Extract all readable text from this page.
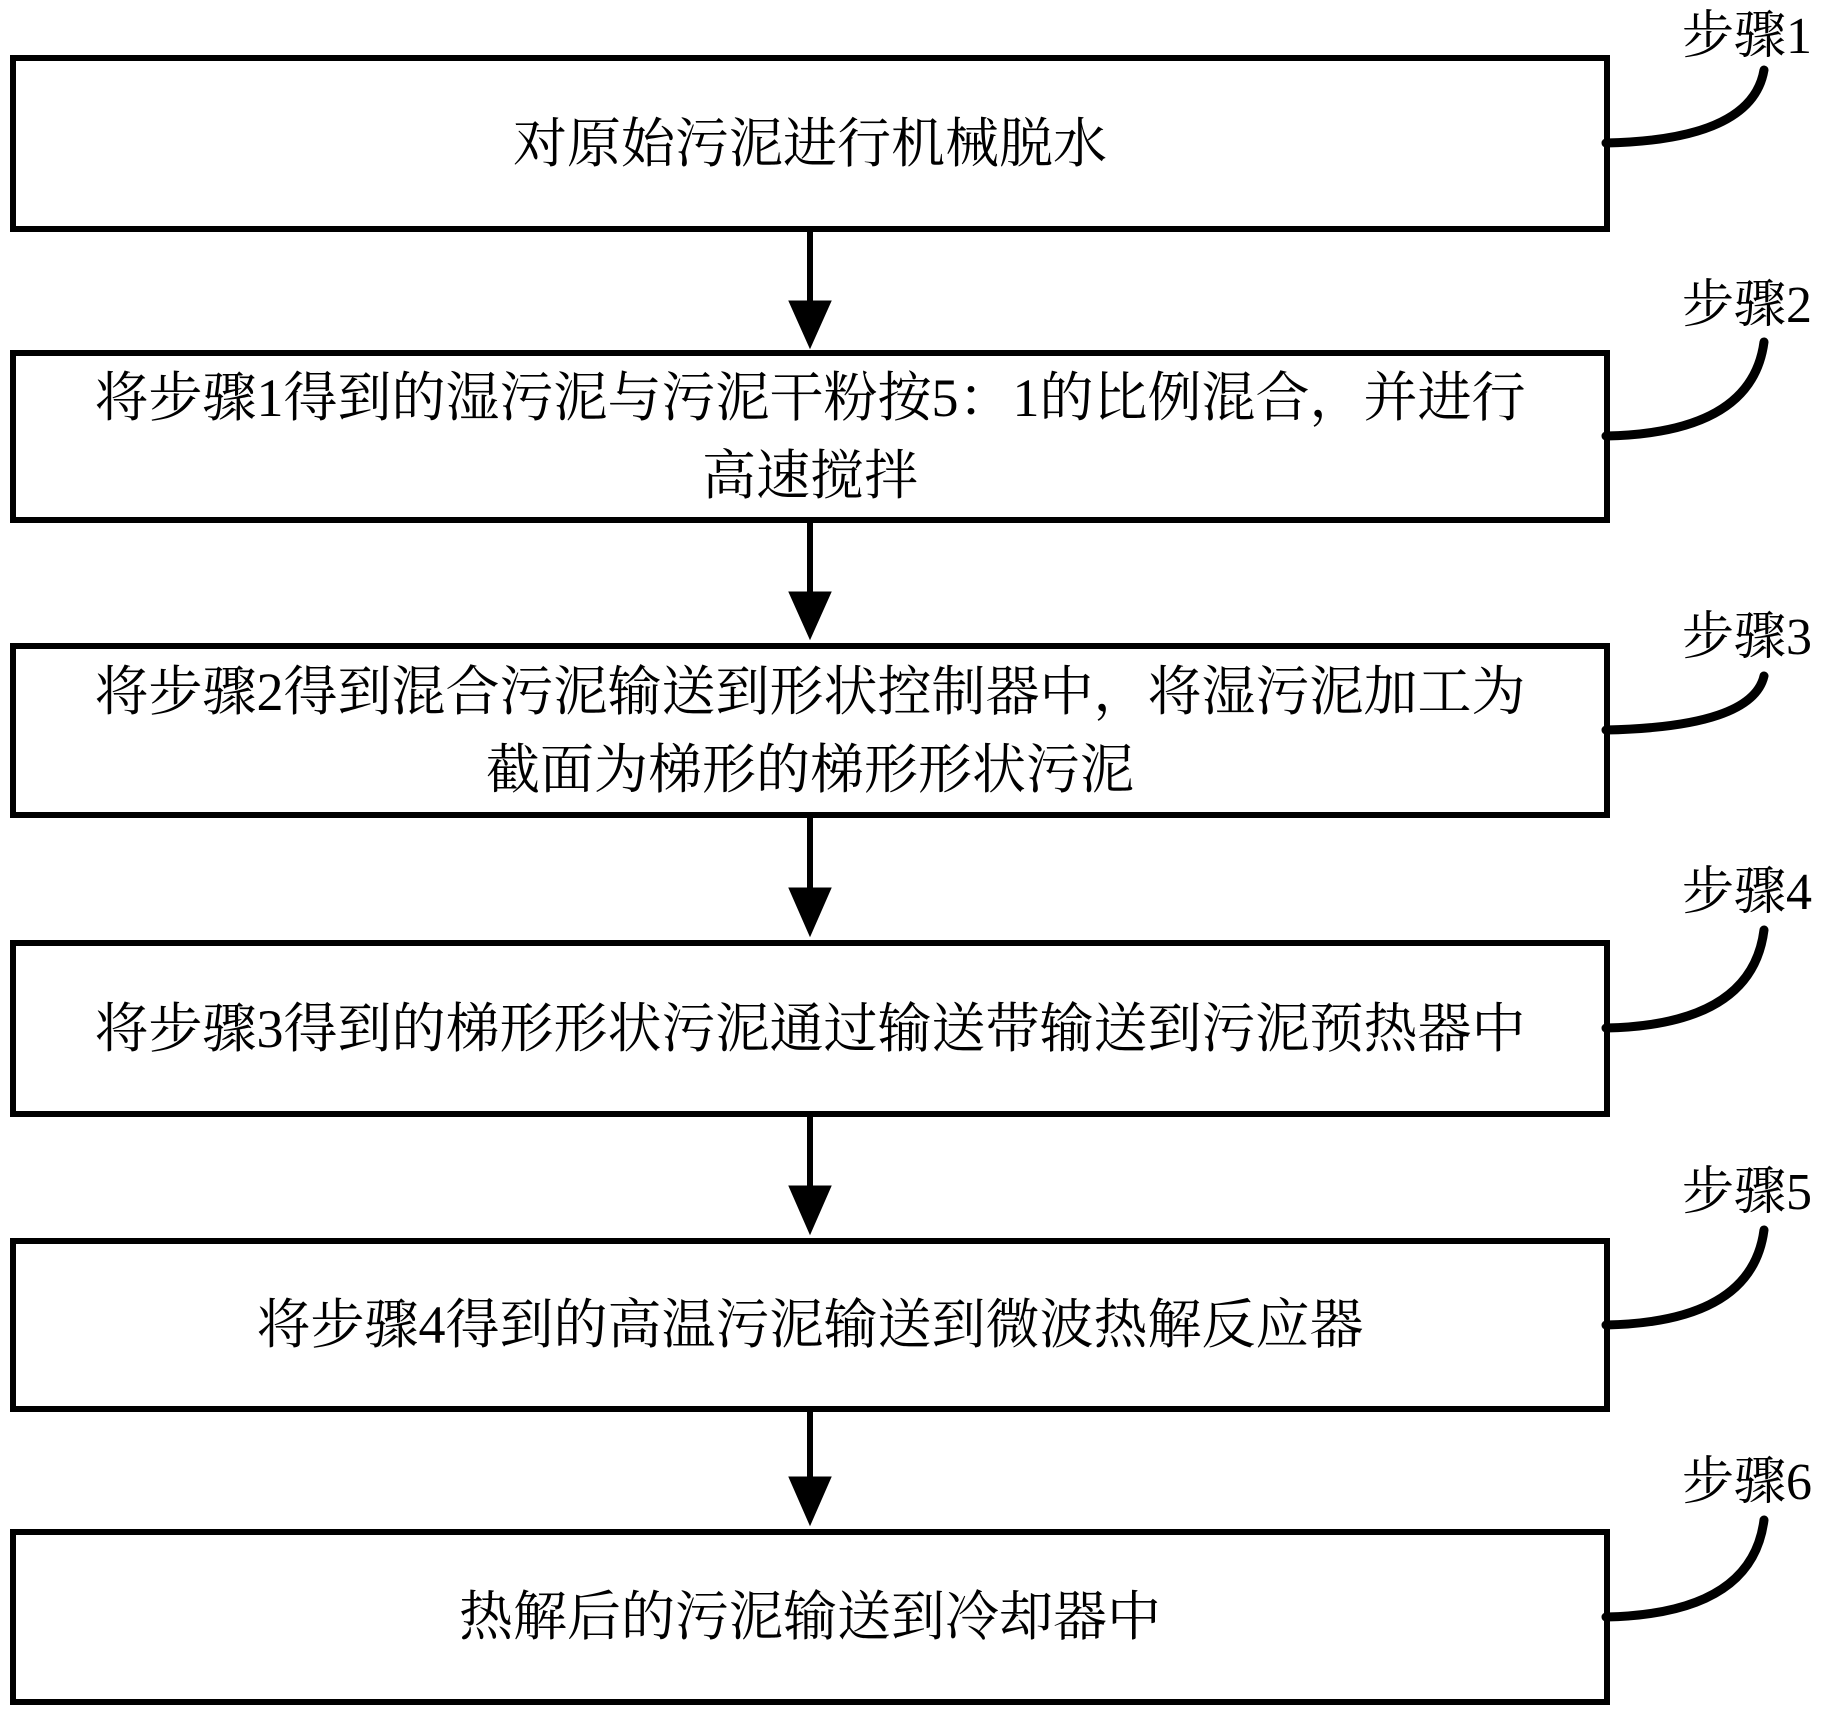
对原始污泥进行机械脱水
将步骤1得到的湿污泥与污泥干粉按5：1的比例混合，并进行
高速搅拌
将步骤2得到混合污泥输送到形状控制器中，将湿污泥加工为
截面为梯形的梯形形状污泥
将步骤3得到的梯形形状污泥通过输送带输送到污泥预热器中
将步骤4得到的高温污泥输送到微波热解反应器
热解后的污泥输送到冷却器中
步骤1
步骤2
步骤3
步骤4
步骤5
步骤6
